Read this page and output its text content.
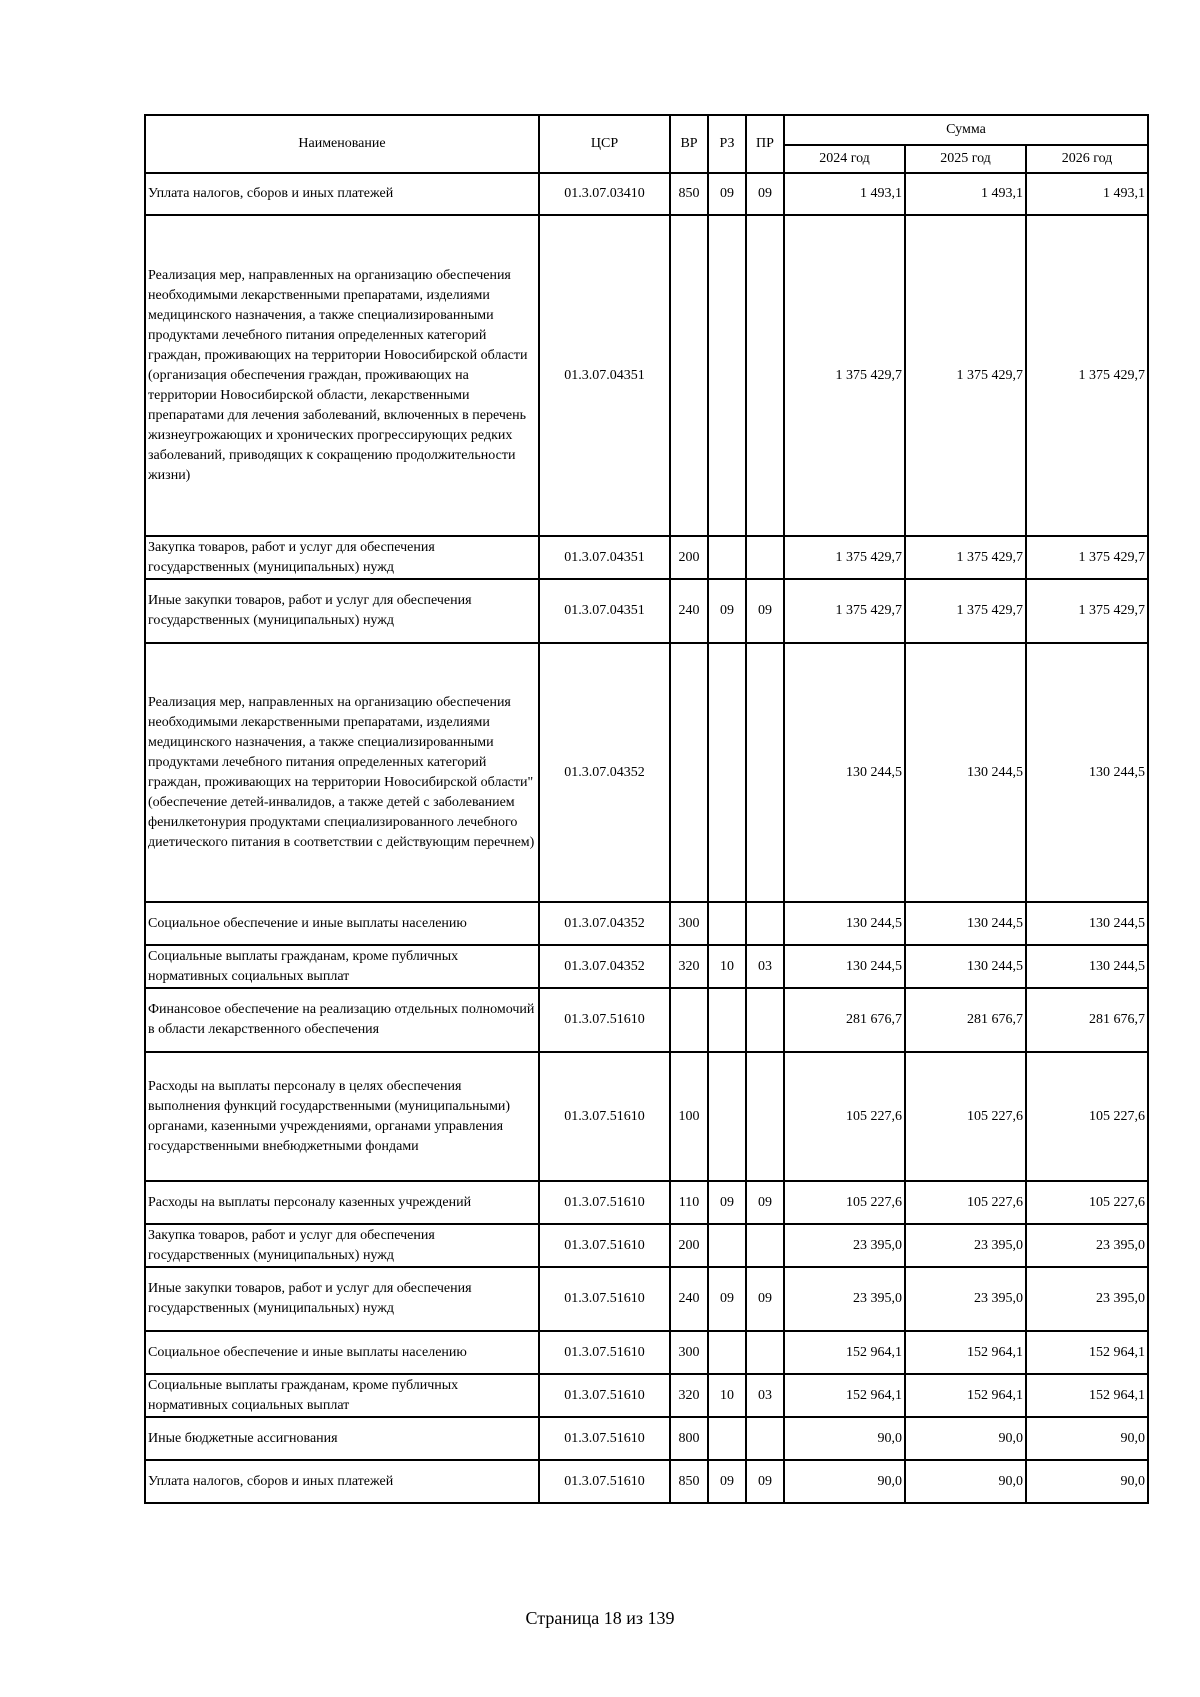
Наименование	ЦСР	ВР	РЗ	ПР	Сумма		
					2024 год	2025 год	2026 год
Уплата налогов, сборов и иных платежей	01.3.07.03410	850	09	09	1 493,1	1 493,1	1 493,1
Реализация мер, направленных на организацию обеспечения необходимыми лекарственными препаратами, изделиями медицинского назначения, а также специализированными продуктами лечебного питания определенных категорий граждан, проживающих на территории Новосибирской области (организация обеспечения граждан, проживающих на территории Новосибирской области, лекарственными препаратами для лечения заболеваний, включенных в перечень жизнеугрожающих и хронических прогрессирующих редких заболеваний, приводящих к сокращению продолжительности жизни)	01.3.07.04351				1 375 429,7	1 375 429,7	1 375 429,7
Закупка товаров, работ и услуг для обеспечения государственных (муниципальных) нужд	01.3.07.04351	200			1 375 429,7	1 375 429,7	1 375 429,7
Иные закупки товаров, работ и услуг для обеспечения государственных (муниципальных) нужд	01.3.07.04351	240	09	09	1 375 429,7	1 375 429,7	1 375 429,7
Реализация мер, направленных на организацию обеспечения необходимыми лекарственными препаратами, изделиями медицинского назначения, а также специализированными продуктами лечебного питания определенных категорий граждан, проживающих на территории Новосибирской области" (обеспечение детей-инвалидов, а также детей с заболеванием фенилкетонурия продуктами специализированного лечебного диетического питания в соответствии с действующим перечнем)	01.3.07.04352				130 244,5	130 244,5	130 244,5
Социальное обеспечение и иные выплаты населению	01.3.07.04352	300			130 244,5	130 244,5	130 244,5
Социальные выплаты гражданам, кроме публичных нормативных социальных выплат	01.3.07.04352	320	10	03	130 244,5	130 244,5	130 244,5
Финансовое обеспечение на реализацию отдельных полномочий в области лекарственного обеспечения	01.3.07.51610				281 676,7	281 676,7	281 676,7
Расходы на выплаты персоналу в целях обеспечения выполнения функций государственными (муниципальными) органами, казенными учреждениями, органами управления государственными внебюджетными фондами	01.3.07.51610	100			105 227,6	105 227,6	105 227,6
Расходы на выплаты персоналу казенных учреждений	01.3.07.51610	110	09	09	105 227,6	105 227,6	105 227,6
Закупка товаров, работ и услуг для обеспечения государственных (муниципальных) нужд	01.3.07.51610	200			23 395,0	23 395,0	23 395,0
Иные закупки товаров, работ и услуг для обеспечения государственных (муниципальных) нужд	01.3.07.51610	240	09	09	23 395,0	23 395,0	23 395,0
Социальное обеспечение и иные выплаты населению	01.3.07.51610	300			152 964,1	152 964,1	152 964,1
Социальные выплаты гражданам, кроме публичных нормативных социальных выплат	01.3.07.51610	320	10	03	152 964,1	152 964,1	152 964,1
Иные бюджетные ассигнования	01.3.07.51610	800			90,0	90,0	90,0
Уплата налогов, сборов и иных платежей	01.3.07.51610	850	09	09	90,0	90,0	90,0
Страница 18 из 139
